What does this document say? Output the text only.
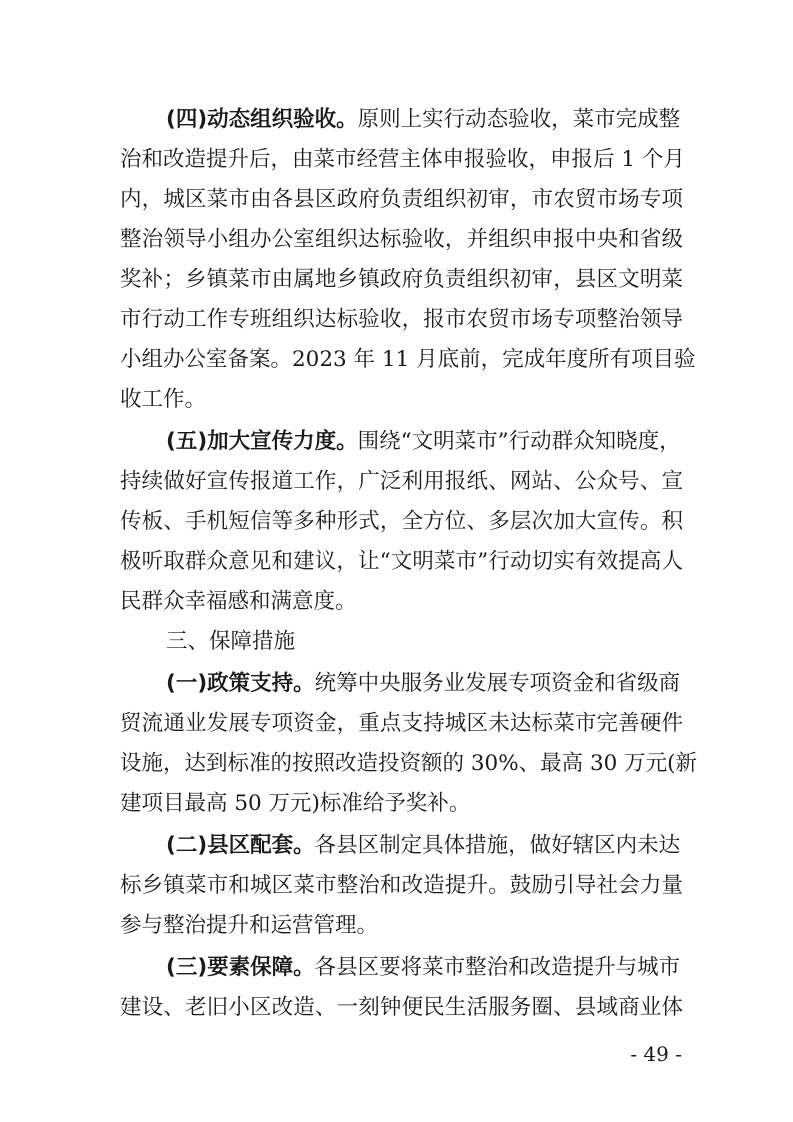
(四)动态组织验收。原则上实行动态验收，菜市完成整
治和改造提升后，由菜市经营主体申报验收，申报后 1 个月
内，城区菜市由各县区政府负责组织初审，市农贸市场专项
整治领导小组办公室组织达标验收，并组织申报中央和省级
奖补；乡镇菜市由属地乡镇政府负责组织初审，县区文明菜
市行动工作专班组织达标验收，报市农贸市场专项整治领导
小组办公室备案。2023 年 11 月底前，完成年度所有项目验
收工作。
(五)加大宣传力度。围绕“文明菜市”行动群众知晓度，
持续做好宣传报道工作，广泛利用报纸、网站、公众号、宣
传板、手机短信等多种形式，全方位、多层次加大宣传。积
极听取群众意见和建议，让“文明菜市”行动切实有效提高人
民群众幸福感和满意度。
三、保障措施
(一)政策支持。统筹中央服务业发展专项资金和省级商
贸流通业发展专项资金，重点支持城区未达标菜市完善硬件
设施，达到标准的按照改造投资额的 30%、最高 30 万元(新
建项目最高 50 万元)标准给予奖补。
(二)县区配套。各县区制定具体措施，做好辖区内未达
标乡镇菜市和城区菜市整治和改造提升。鼓励引导社会力量
参与整治提升和运营管理。
(三)要素保障。各县区要将菜市整治和改造提升与城市
建设、老旧小区改造、一刻钟便民生活服务圈、县域商业体
- 49 -
